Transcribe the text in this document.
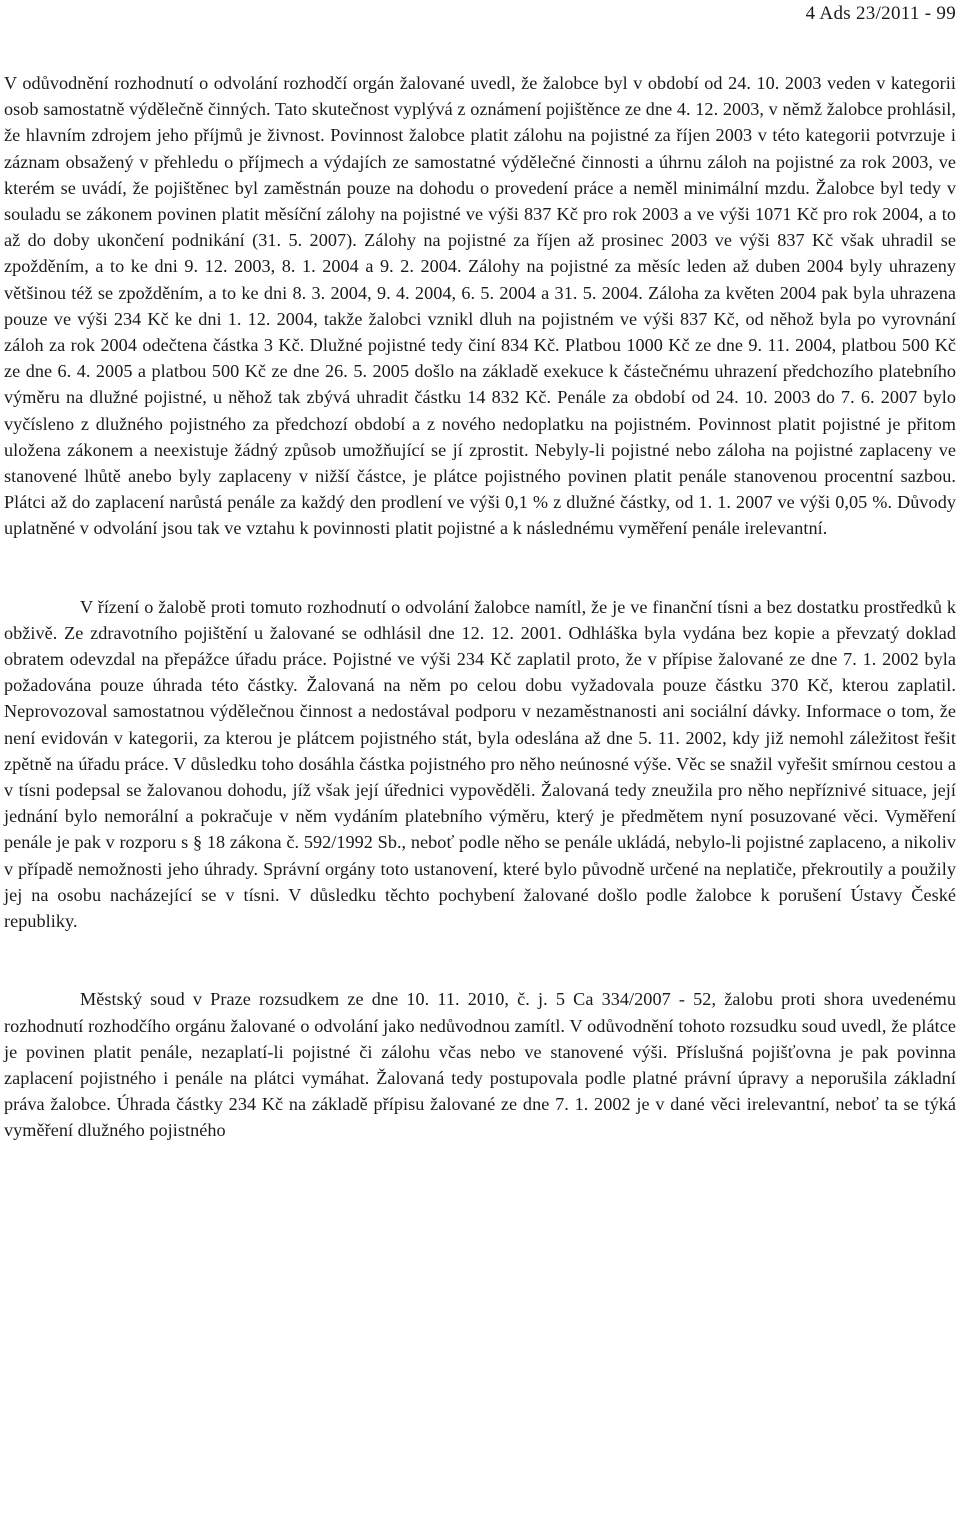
4 Ads 23/2011 - 99

V odůvodnění rozhodnutí o odvolání rozhodčí orgán žalované uvedl, že žalobce byl v období od 24. 10. 2003 veden v kategorii osob samostatně výdělečně činných. Tato skutečnost vyplývá z oznámení pojištěnce ze dne 4. 12. 2003, v němž žalobce prohlásil, že hlavním zdrojem jeho příjmů je živnost. Povinnost žalobce platit zálohu na pojistné za říjen 2003 v této kategorii potvrzuje i záznam obsažený v přehledu o příjmech a výdajích ze samostatné výdělečné činnosti a úhrnu záloh na pojistné za rok 2003, ve kterém se uvádí, že pojištěnec byl zaměstnán pouze na dohodu o provedení práce a neměl minimální mzdu. Žalobce byl tedy v souladu se zákonem povinen platit měsíční zálohy na pojistné ve výši 837 Kč pro rok 2003 a ve výši 1071 Kč pro rok 2004, a to až do doby ukončení podnikání (31. 5. 2007). Zálohy na pojistné za říjen až prosinec 2003 ve výši 837 Kč však uhradil se zpožděním, a to ke dni 9. 12. 2003, 8. 1. 2004 a 9. 2. 2004. Zálohy na pojistné za měsíc leden až duben 2004 byly uhrazeny většinou též se zpožděním, a to ke dni 8. 3. 2004, 9. 4. 2004, 6. 5. 2004 a 31. 5. 2004. Záloha za květen 2004 pak byla uhrazena pouze ve výši 234 Kč ke dni 1. 12. 2004, takže žalobci vznikl dluh na pojistném ve výši 837 Kč, od něhož byla po vyrovnání záloh za rok 2004 odečtena částka 3 Kč. Dlužné pojistné tedy činí 834 Kč. Platbou 1000 Kč ze dne 9. 11. 2004, platbou 500 Kč ze dne 6. 4. 2005 a platbou 500 Kč ze dne 26. 5. 2005 došlo na základě exekuce k částečnému uhrazení předchozího platebního výměru na dlužné pojistné, u něhož tak zbývá uhradit částku 14 832 Kč. Penále za období od 24. 10. 2003 do 7. 6. 2007 bylo vyčísleno z dlužného pojistného za předchozí období a z nového nedoplatku na pojistném. Povinnost platit pojistné je přitom uložena zákonem a neexistuje žádný způsob umožňující se jí zprostit. Nebyly-li pojistné nebo záloha na pojistné zaplaceny ve stanovené lhůtě anebo byly zaplaceny v nižší částce, je plátce pojistného povinen platit penále stanovenou procentní sazbou. Plátci až do zaplacení narůstá penále za každý den prodlení ve výši 0,1 % z dlužné částky, od 1. 1. 2007 ve výši 0,05 %. Důvody uplatněné v odvolání jsou tak ve vztahu k povinnosti platit pojistné a k následnému vyměření penále irelevantní.

V řízení o žalobě proti tomuto rozhodnutí o odvolání žalobce namítl, že je ve finanční tísni a bez dostatku prostředků k obživě. Ze zdravotního pojištění u žalované se odhlásil dne 12. 12. 2001. Odhláška byla vydána bez kopie a převzatý doklad obratem odevzdal na přepážce úřadu práce. Pojistné ve výši 234 Kč zaplatil proto, že v přípise žalované ze dne 7. 1. 2002 byla požadována pouze úhrada této částky. Žalovaná na něm po celou dobu vyžadovala pouze částku 370 Kč, kterou zaplatil. Neprovozoval samostatnou výdělečnou činnost a nedostával podporu v nezaměstnanosti ani sociální dávky. Informace o tom, že není evidován v kategorii, za kterou je plátcem pojistného stát, byla odeslána až dne 5. 11. 2002, kdy již nemohl záležitost řešit zpětně na úřadu práce. V důsledku toho dosáhla částka pojistného pro něho neúnosné výše. Věc se snažil vyřešit smírnou cestou a v tísni podepsal se žalovanou dohodu, jíž však její úřednici vypověděli. Žalovaná tedy zneužila pro něho nepříznivé situace, její jednání bylo nemorální a pokračuje v něm vydáním platebního výměru, který je předmětem nyní posuzované věci. Vyměření penále je pak v rozporu s § 18 zákona č. 592/1992 Sb., neboť podle něho se penále ukládá, nebylo-li pojistné zaplaceno, a nikoliv v případě nemožnosti jeho úhrady. Správní orgány toto ustanovení, které bylo původně určené na neplatiče, překroutily a použily jej na osobu nacházející se v tísni. V důsledku těchto pochybení žalované došlo podle žalobce k porušení Ústavy České republiky.

Městský soud v Praze rozsudkem ze dne 10. 11. 2010, č. j. 5 Ca 334/2007 - 52, žalobu proti shora uvedenému rozhodnutí rozhodčího orgánu žalované o odvolání jako nedůvodnou zamítl. V odůvodnění tohoto rozsudku soud uvedl, že plátce je povinen platit penále, nezaplatí-li pojistné či zálohu včas nebo ve stanovené výši. Příslušná pojišťovna je pak povinna zaplacení pojistného i penále na plátci vymáhat. Žalovaná tedy postupovala podle platné právní úpravy a neporušila základní práva žalobce. Úhrada částky 234 Kč na základě přípisu žalované ze dne 7. 1. 2002 je v dané věci irelevantní, neboť ta se týká vyměření dlužného pojistného
